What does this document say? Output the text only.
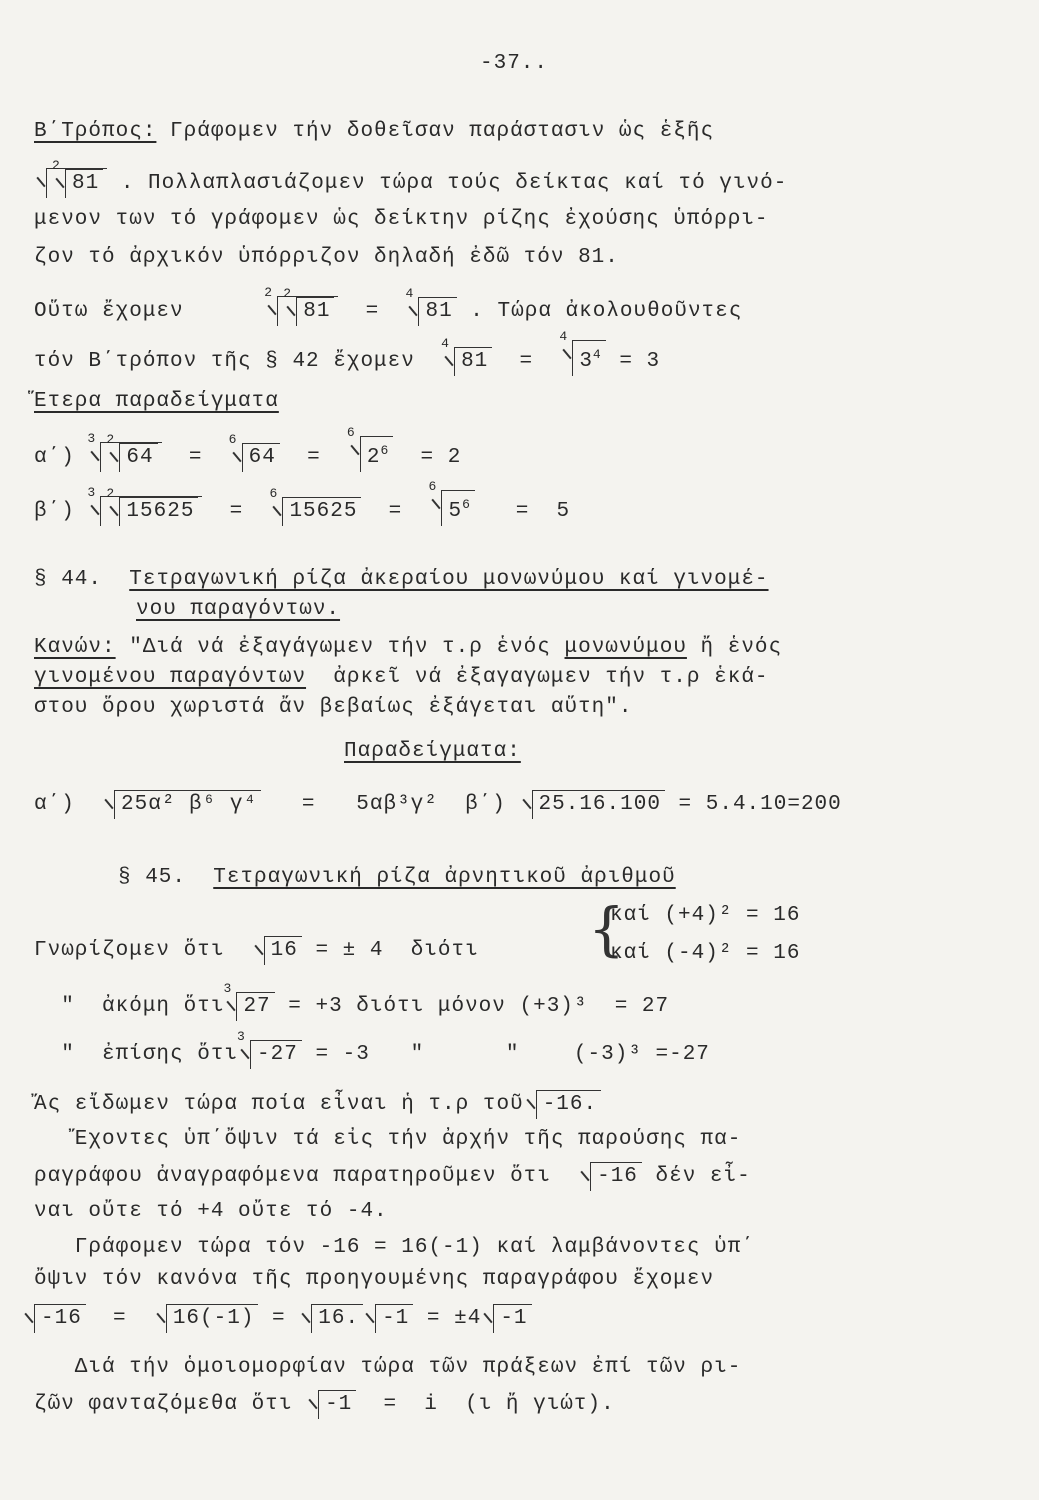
-37..
Β΄Τρόπος: Γράφομεν τήν δοθεῖσαν παράστασιν ὡς ἑξῆς
2
81 . Πολλαπλασιάζομεν τώρα τούς δείκτας καί τό γινό-
μενον των τό γράφομεν ὡς δείκτην ρίζης ἐχούσης ὑπόρρι-
ζον τό ἀρχικόν ὑπόρριζον δηλαδή ἐδῶ τόν 81.
Οὕτω ἔχομεν
2 2
81  =
4
81 . Τώρα ἀκολουθοῦντες
τόν Β΄τρόπον τῆς § 42 ἔχομεν
4
81  =
4
$3^4 = 3$
Ἕτερα παραδείγματα
α΄)
3 2
64  =
6
64  =
6
$2^6 = 2$
β΄)
3 2
15625  =
6
15625  =
6
$5^6 = 5$
§ 44. Τετραγωνική ρίζα ἀκεραίου μονωνύμου καί γινομέ-
νου παραγόντων.
Κανών: "Διά νά ἐξαγάγωμεν τήν τ.ρ ἑνός μονωνύμου ἤ ἑνός
γινομένου παραγόντων  ἀρκεῖ νά ἐξαγαγωμεν τήν τ.ρ ἑκά-
στου ὅρου χωριστά ἄν βεβαίως ἐξάγεται αὕτη".
Παραδείγματα:
α΄) 25α² β⁶ γ⁴   =   5αβ³γ²  β΄) 25.16.100 = 5.4.10=200
§ 45. Τετραγωνική ρίζα ἀρνητικοῦ ἀριθμοῦ
{
καί (+4)² = 16
Γνωρίζομεν ὅτι 16 = ± 4  διότι	καί (-4)² = 16
"  ἀκόμη ὅτι
3
27 = +3 διότι μόνον (+3)³  = 27
"  ἐπίσης ὅτι
3
-27 = -3   "      "    (-3)³ =-27
Ἄς εἴδωμεν τώρα ποία εἶναι ἡ τ.ρ τοῦ -16.
Ἔχοντες ὑπ΄ὄψιν τά εἰς τήν ἀρχήν τῆς παρούσης πα-
ραγράφου ἀναγραφόμενα παρατηροῦμεν ὅτι  -16 δέν εἶ-
ναι οὔτε τό +4 οὔτε τό -4.
Γράφομεν τώρα τόν -16 = 16(-1) καί λαμβάνοντες ὑπ΄
ὄψιν τόν κανόνα τῆς προηγουμένης παραγράφου ἔχομεν
-16  =  16(-1) = 16. -1 = ±4 -1
Διά τήν ὁμοιομορφίαν τώρα τῶν πράξεων ἐπί τῶν ρι-
ζῶν φανταζόμεθα ὅτι -1  =  i  (ι ἤ γιώτ).
